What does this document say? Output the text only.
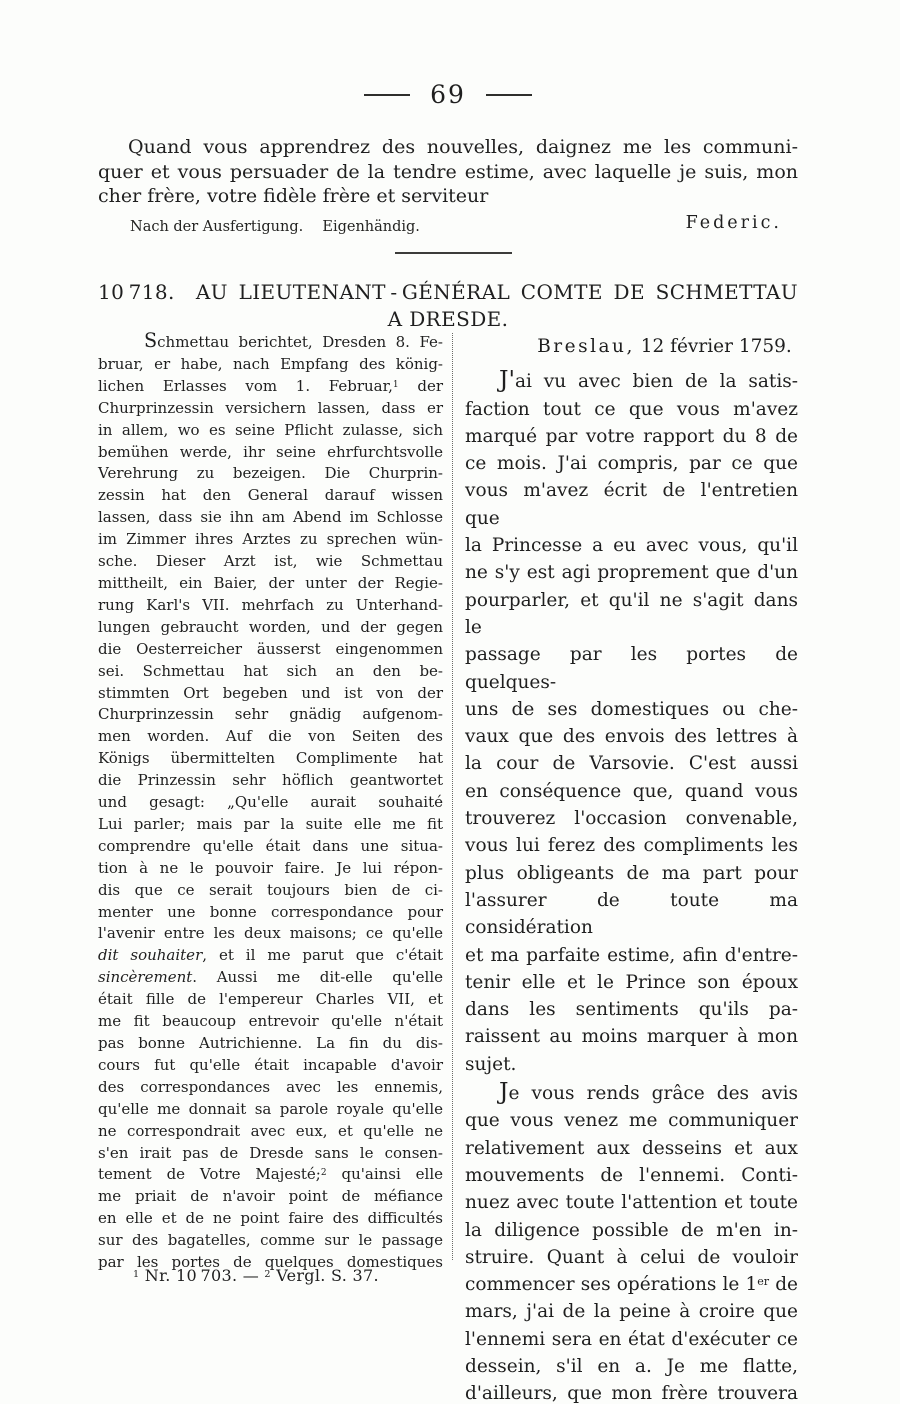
69
Quand vous apprendrez des nouvelles, daignez me les communi-
quer et vous persuader de la tendre estime, avec laquelle je suis, mon
cher frère, votre fidèle frère et serviteur
Nach der Ausfertigung.  Eigenhändig.	Federic.
10 718.  AU LIEUTENANT - GÉNÉRAL COMTE DE SCHMETTAU
A DRESDE.
Schmettau berichtet, Dresden 8. Fe-
bruar, er habe, nach Empfang des könig-
lichen Erlasses vom 1. Februar,$^1$ der
Churprinzessin versichern lassen, dass er
in allem, wo es seine Pflicht zulasse, sich
bemühen werde, ihr seine ehrfurchtsvolle
Verehrung zu bezeigen. Die Churprin-
zessin hat den General darauf wissen
lassen, dass sie ihn am Abend im Schlosse
im Zimmer ihres Arztes zu sprechen wün-
sche. Dieser Arzt ist, wie Schmettau
mittheilt, ein Baier, der unter der Regie-
rung Karl's VII. mehrfach zu Unterhand-
lungen gebraucht worden, und der gegen
die Oesterreicher äusserst eingenommen
sei. Schmettau hat sich an den be-
stimmten Ort begeben und ist von der
Churprinzessin sehr gnädig aufgenom-
men worden. Auf die von Seiten des
Königs übermittelten Complimente hat
die Prinzessin sehr höflich geantwortet
und gesagt: „Qu'elle aurait souhaité
Lui parler; mais par la suite elle me fit
comprendre qu'elle était dans une situa-
tion à ne le pouvoir faire. Je lui répon-
dis que ce serait toujours bien de ci-
menter une bonne correspondance pour
l'avenir entre les deux maisons; ce qu'elle
dit souhaiter, et il me parut que c'était
sincèrement. Aussi me dit-elle qu'elle
était fille de l'empereur Charles VII, et
me fit beaucoup entrevoir qu'elle n'était
pas bonne Autrichienne. La fin du dis-
cours fut qu'elle était incapable d'avoir
des correspondances avec les ennemis,
qu'elle me donnait sa parole royale qu'elle
ne correspondrait avec eux, et qu'elle ne
s'en irait pas de Dresde sans le consen-
tement de Votre Majesté;$^2$ qu'ainsi elle
me priait de n'avoir point de méfiance
en elle et de ne point faire des difficultés
sur des bagatelles, comme sur le passage
par les portes de quelques domestiques
Breslau, 12 février 1759.
J'ai vu avec bien de la satis-
faction tout ce que vous m'avez
marqué par votre rapport du 8 de
ce mois. J'ai compris, par ce que
vous m'avez écrit de l'entretien que
la Princesse a eu avec vous, qu'il
ne s'y est agi proprement que d'un
pourparler, et qu'il ne s'agit dans le
passage par les portes de quelques-
uns de ses domestiques ou che-
vaux que des envois des lettres à
la cour de Varsovie. C'est aussi
en conséquence que, quand vous
trouverez l'occasion convenable,
vous lui ferez des compliments les
plus obligeants de ma part pour
l'assurer de toute ma considération
et ma parfaite estime, afin d'entre-
tenir elle et le Prince son époux
dans les sentiments qu'ils pa-
raissent au moins marquer à mon
sujet.
Je vous rends grâce des avis
que vous venez me communiquer
relativement aux desseins et aux
mouvements de l'ennemi. Conti-
nuez avec toute l'attention et toute
la diligence possible de m'en in-
struire. Quant à celui de vouloir
commencer ses opérations le 1er de
mars, j'ai de la peine à croire que
l'ennemi sera en état d'exécuter ce
dessein, s'il en a. Je me flatte,
d'ailleurs, que mon frère trouvera
$^1$ Nr. 10 703. — $^2$ Vergl. S. 37.
